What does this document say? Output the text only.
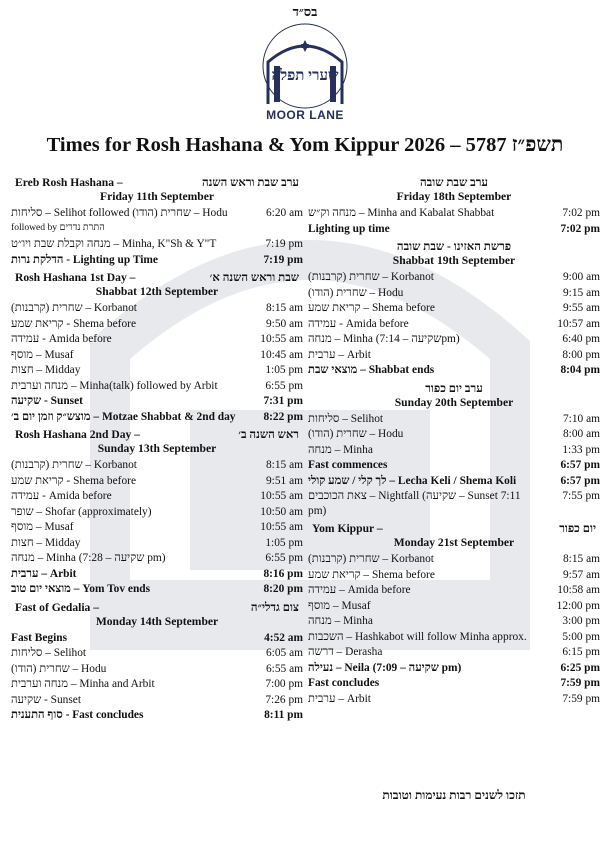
בס״ד
שערי תפלה
MOOR LANE
Times for Rosh Hashana & Yom Kippur תשפ״ז 5787 – 2026
Ereb Rosh Hashana –	ערב שבת וראש השנה
Friday 11th September
סליחות – Selihot followed (שחרית (הודו – Hodu	6:20 am
followed by התרת נדרים
מנחה וקבלת שבת ויו״ט – Minha, K"Sh & Y"T	7:19 pm
הדלקת נרות - Lighting up Time	7:19 pm
Rosh Hashana 1st Day –	שבת וראש השנה א׳
Shabbat 12th September
(שחרית (קרבנות – Korbanot	8:15 am
קריאת שמע - Shema before	9:50 am
עמידה - Amida before	10:55 am
מוסף – Musaf	10:45 am
חצות – Midday	1:05 pm
מנחה וערבית – Minha(talk) followed by Arbit	6:55 pm
שקיעה - Sunset	7:31 pm
מוצש״ק וזמן יום ב׳ – Motzae Shabbat & 2nd day	8:22 pm
Rosh Hashana 2nd Day –	ראש השנה ב׳
Sunday 13th September
(שחרית (קרבנות – Korbanot	8:15 am
קריאת שמע - Shema before	9:51 am
עמידה - Amida before	10:55 am
שופר – Shofar (approximately)	10:50 am
מוסף – Musaf	10:55 am
חצות – Midday	1:05 pm
מנחה – Minha (שקיעה – 7:28 pm)	6:55 pm
ערבית – Arbit	8:16 pm
מוצאי יום טוב – Yom Tov ends	8:20 pm
Fast of Gedalia –	צום גדלי״ה
Monday 14th September
Fast Begins	4:52 am
סליחות – Selihot	6:05 am
(שחרית (הודו – Hodu	6:55 am
מנחה וערבית – Minha and Arbit	7:00 pm
שקיעה - Sunset	7:26 pm
סוף התענית - Fast concludes	8:11 pm
ערב שבת שובה
Friday 18th September
מנחה וק״ש – Minha and Kabalat Shabbat	7:02 pm
Lighting up time	7:02 pm
פרשת האזינו - שבת שובה
Shabbat 19th September
(שחרית (קרבנות – Korbanot	9:00 am
(שחרית (הודו – Hodu	9:15 am
קריאת שמע – Shema before	9:55 am
עמידה - Amida before	10:57 am
מנחה – Minha (שקיעה – 7:14pm)	6:40 pm
ערבית – Arbit	8:00 pm
מוצאי שבת – Shabbat ends	8:04 pm
ערב יום כפור
Sunday 20th September
סליחות – Selihot	7:10 am
(שחרית (הודו – Hodu	8:00 am
מנחה – Minha	1:33 pm
Fast commences	6:57 pm
לך קלי / שמע קולי – Lecha Keli / Shema Koli	6:57 pm
צאת הכוכבים – Nightfall (שקיעה – Sunset 7:11 pm)
7:55 pm
Yom Kippur –	יום כפור
Monday 21st September
(שחרית (קרבנות – Korbanot	8:15 am
קריאת שמע – Shema before	9:57 am
עמידה – Amida before	10:58 am
מוסף – Musaf	12:00 pm
מנחה – Minha	3:00 pm
השכבות – Hashkabot will follow Minha approx.	5:00 pm
דרשה – Derasha	6:15 pm
נעילה – Neila (שקיעה – 7:09 pm)	6:25 pm
Fast concludes	7:59 pm
ערבית – Arbit	7:59 pm
תזכו לשנים רבות נעימות וטובות
